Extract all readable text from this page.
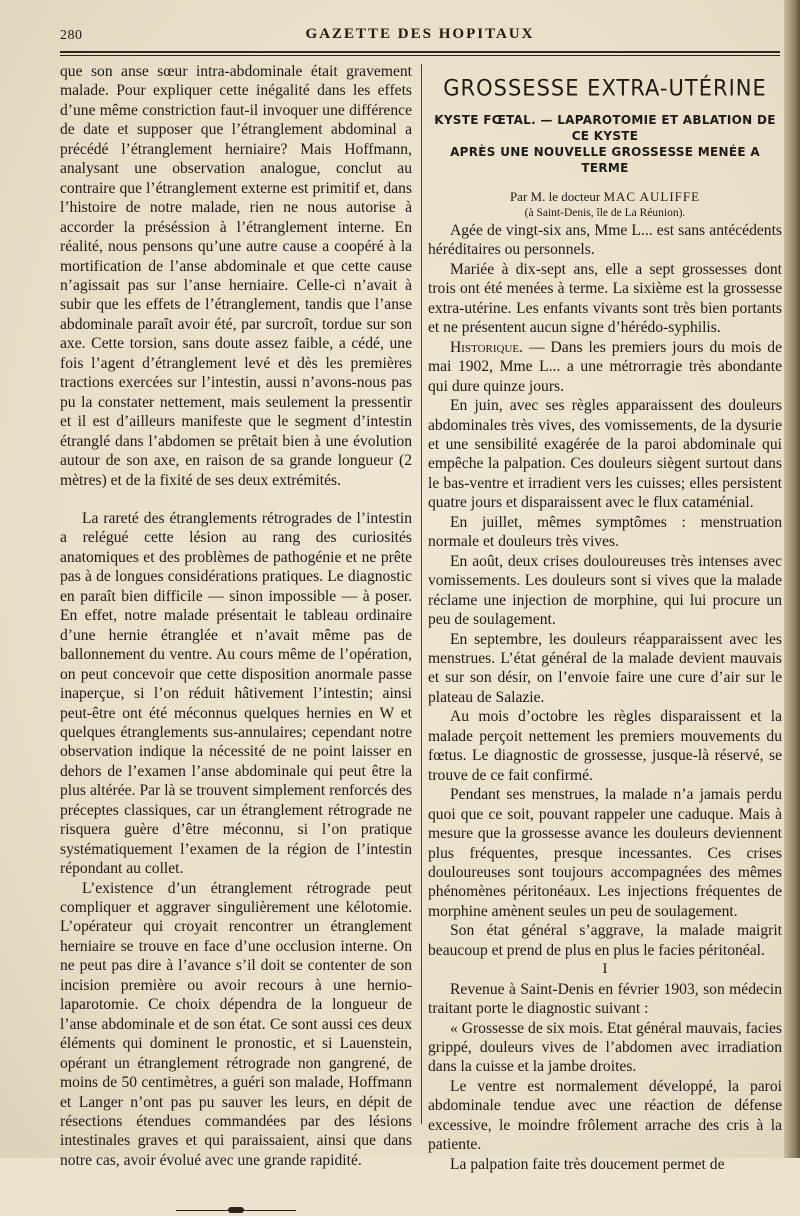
280	GAZETTE DES HOPITAUX

que son anse sœur intra-abdominale était gravement malade. Pour expliquer cette inégalité dans les effets d’une même constriction faut-il invoquer une différence de date et supposer que l’étranglement abdominal a précédé l’étranglement herniaire? Mais Hoffmann, analysant une observation analogue, conclut au contraire que l’étranglement externe est primitif et, dans l’histoire de notre malade, rien ne nous autorise à accorder la préséssion à l’étranglement interne. En réalité, nous pensons qu’une autre cause a coopéré à la mortification de l’anse abdominale et que cette cause n’agissait pas sur l’anse herniaire. Celle-ci n’avait à subir que les effets de l’étranglement, tandis que l’anse abdominale paraît avoir été, par surcroît, tordue sur son axe. Cette torsion, sans doute assez faible, a cédé, une fois l’agent d’étranglement levé et dès les premières tractions exercées sur l’intestin, aussi n’avons-nous pas pu la constater nettement, mais seulement la pressentir et il est d’ailleurs manifeste que le segment d’intestin étranglé dans l’abdomen se prêtait bien à une évolution autour de son axe, en raison de sa grande longueur (2 mètres) et de la fixité de ses deux extrémités.

La rareté des étranglements rétrogrades de l’intestin a relégué cette lésion au rang des curiosités anatomiques et des problèmes de pathogénie et ne prête pas à de longues considérations pratiques. Le diagnostic en paraît bien difficile — sinon impossible — à poser. En effet, notre malade présentait le tableau ordinaire d’une hernie étranglée et n’avait même pas de ballonnement du ventre. Au cours même de l’opération, on peut concevoir que cette disposition anormale passe inaperçue, si l’on réduit hâtivement l’intestin; ainsi peut-être ont été méconnus quelques hernies en W et quelques étranglements sus-annulaires; cependant notre observation indique la nécessité de ne point laisser en dehors de l’examen l’anse abdominale qui peut être la plus altérée. Par là se trouvent simplement renforcés des préceptes classiques, car un étranglement rétrograde ne risquera guère d’être méconnu, si l’on pratique systématiquement l’examen de la région de l’intestin répondant au collet.

L’existence d’un étranglement rétrograde peut compliquer et aggraver singulièrement une kélotomie. L’opérateur qui croyait rencontrer un étranglement herniaire se trouve en face d’une occlusion interne. On ne peut pas dire à l’avance s’il doit se contenter de son incision première ou avoir recours à une hernio-laparotomie. Ce choix dépendra de la longueur de l’anse abdominale et de son état. Ce sont aussi ces deux éléments qui dominent le pronostic, et si Lauenstein, opérant un étranglement rétrograde non gangrené, de moins de 50 centimètres, a guéri son malade, Hoffmann et Langer n’ont pas pu sauver les leurs, en dépit de résections étendues commandées par des lésions intestinales graves et qui paraissaient, ainsi que dans notre cas, avoir évolué avec une grande rapidité.

GROSSESSE EXTRA-UTÉRINE
KYSTE FŒTAL. — LAPAROTOMIE ET ABLATION DE CE KYSTE
APRÈS UNE NOUVELLE GROSSESSE MENÉE A TERME

Par M. le docteur MAC AULIFFE

(à Saint-Denis, île de La Réunion).

Agée de vingt-six ans, Mme L... est sans antécédents héréditaires ou personnels.

Mariée à dix-sept ans, elle a sept grossesses dont trois ont été menées à terme. La sixième est la grossesse extra-utérine. Les enfants vivants sont très bien portants et ne présentent aucun signe d’hérédo-syphilis.

Historique. — Dans les premiers jours du mois de mai 1902, Mme L... a une métrorragie très abondante qui dure quinze jours.

En juin, avec ses règles apparaissent des douleurs abdominales très vives, des vomissements, de la dysurie et une sensibilité exagérée de la paroi abdominale qui empêche la palpation. Ces douleurs siègent surtout dans le bas-ventre et irradient vers les cuisses; elles persistent quatre jours et disparaissent avec le flux cataménial.

En juillet, mêmes symptômes : menstruation normale et douleurs très vives.

En août, deux crises douloureuses très intenses avec vomissements. Les douleurs sont si vives que la malade réclame une injection de morphine, qui lui procure un peu de soulagement.

En septembre, les douleurs réapparaissent avec les menstrues. L’état général de la malade devient mauvais et sur son désir, on l’envoie faire une cure d’air sur le plateau de Salazie.

Au mois d’octobre les règles disparaissent et la malade perçoit nettement les premiers mouvements du fœtus. Le diagnostic de grossesse, jusque-là réservé, se trouve de ce fait confirmé.

Pendant ses menstrues, la malade n’a jamais perdu quoi que ce soit, pouvant rappeler une caduque. Mais à mesure que la grossesse avance les douleurs deviennent plus fréquentes, presque incessantes. Ces crises douloureuses sont toujours accompagnées des mêmes phénomènes péritonéaux. Les injections fréquentes de morphine amènent seules un peu de soulagement.

Son état général s’aggrave, la malade maigrit beaucoup et prend de plus en plus le facies péritonéal.

I

Revenue à Saint-Denis en février 1903, son médecin traitant porte le diagnostic suivant :

« Grossesse de six mois. Etat général mauvais, facies grippé, douleurs vives de l’abdomen avec irradiation dans la cuisse et la jambe droites.

Le ventre est normalement développé, la paroi abdominale tendue avec une réaction de défense excessive, le moindre frôlement arrache des cris à la patiente.

La palpation faite très doucement permet de
